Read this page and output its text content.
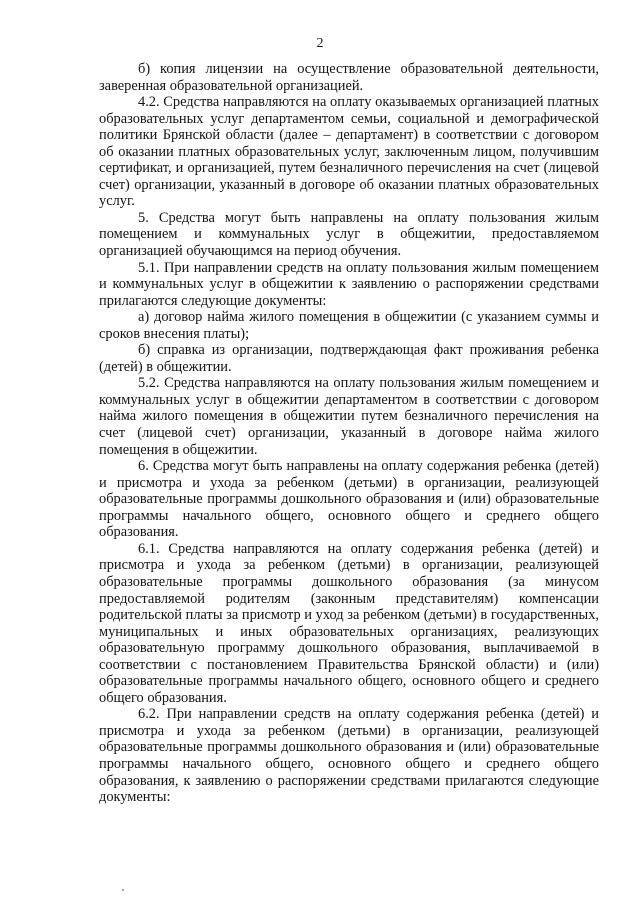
2

б) копия лицензии на осуществление образовательной деятельности, заверенная образовательной организацией.

4.2. Средства направляются на оплату оказываемых организацией платных образовательных услуг департаментом семьи, социальной и демографической политики Брянской области (далее – департамент) в соответствии с договором об оказании платных образовательных услуг, заключенным лицом, получившим сертификат, и организацией, путем безналичного перечисления на счет (лицевой счет) организации, указанный в договоре об оказании платных образовательных услуг.

5. Средства могут быть направлены на оплату пользования жилым помещением и коммунальных услуг в общежитии, предоставляемом организацией обучающимся на период обучения.

5.1. При направлении средств на оплату пользования жилым помещением и коммунальных услуг в общежитии к заявлению о распоряжении средствами прилагаются следующие документы:

а) договор найма жилого помещения в общежитии (с указанием суммы и сроков внесения платы);

б) справка из организации, подтверждающая факт проживания ребенка (детей) в общежитии.

5.2. Средства направляются на оплату пользования жилым помещением и коммунальных услуг в общежитии департаментом в соответствии с договором найма жилого помещения в общежитии путем безналичного перечисления на счет (лицевой счет) организации, указанный в договоре найма жилого помещения в общежитии.

6. Средства могут быть направлены на оплату содержания ребенка (детей) и присмотра и ухода за ребенком (детьми) в организации, реализующей образовательные программы дошкольного образования и (или) образовательные программы начального общего, основного общего и среднего общего образования.

6.1. Средства направляются на оплату содержания ребенка (детей) и присмотра и ухода за ребенком (детьми) в организации, реализующей образовательные программы дошкольного образования (за минусом предоставляемой родителям (законным представителям) компенсации родительской платы за присмотр и уход за ребенком (детьми) в государственных, муниципальных и иных образовательных организациях, реализующих образовательную программу дошкольного образования, выплачиваемой в соответствии с постановлением Правительства Брянской области) и (или) образовательные программы начального общего, основного общего и среднего общего образования.

6.2. При направлении средств на оплату содержания ребенка (детей) и присмотра и ухода за ребенком (детьми) в организации, реализующей образовательные программы дошкольного образования и (или) образовательные программы начального общего, основного общего и среднего общего образования, к заявлению о распоряжении средствами прилагаются следующие документы:
